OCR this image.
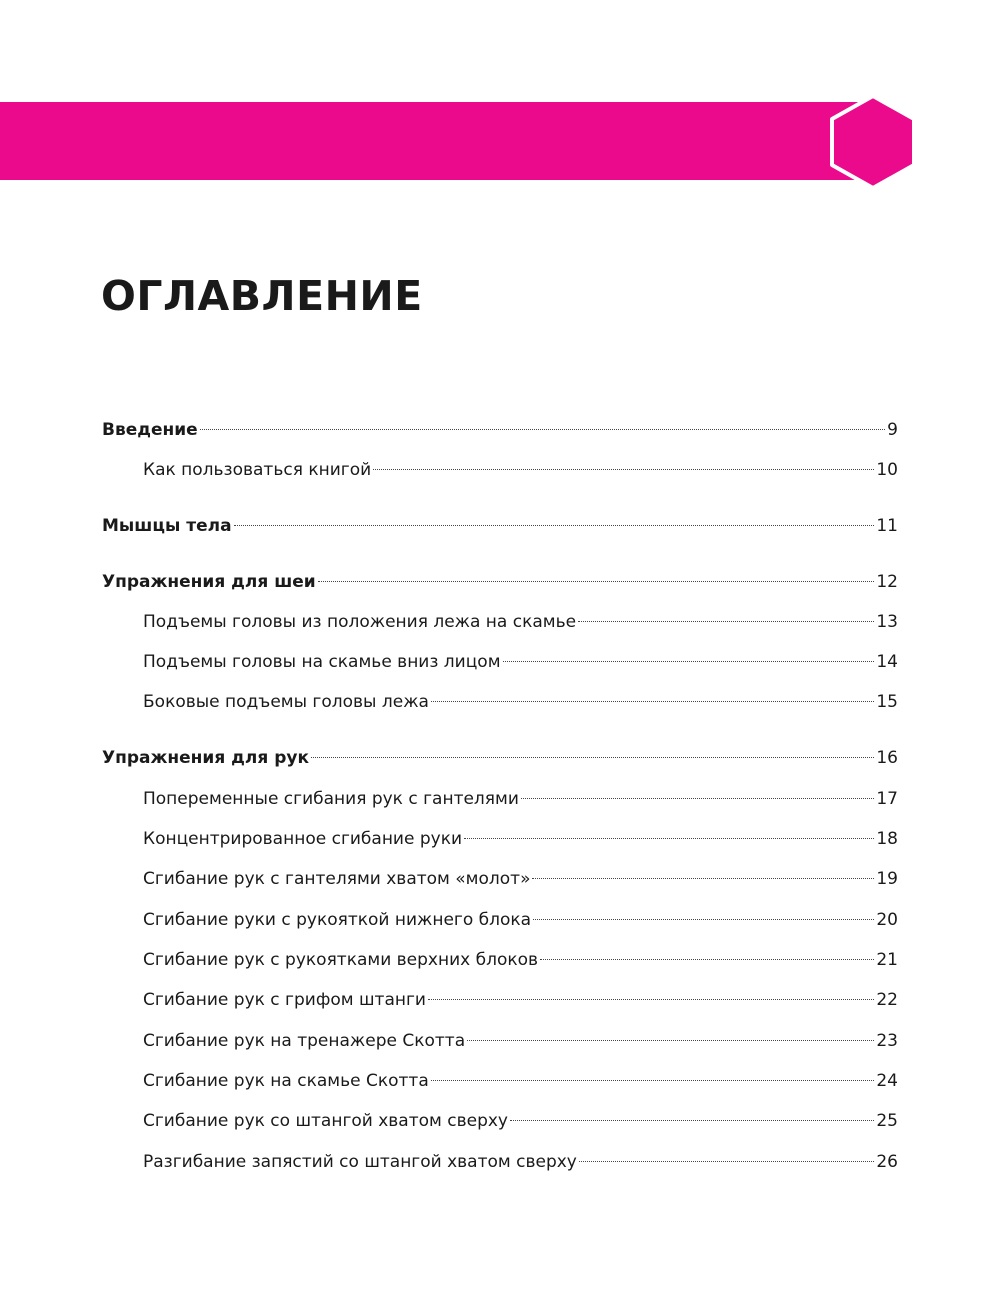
ОГЛАВЛЕНИЕ
Введение	9
Как пользоваться книгой	10
Мышцы тела	11
Упражнения для шеи	12
Подъемы головы из положения лежа на скамье	13
Подъемы головы на скамье вниз лицом	14
Боковые подъемы головы лежа	15
Упражнения для рук	16
Попеременные сгибания рук с гантелями	17
Концентрированное сгибание руки	18
Сгибание рук с гантелями хватом «молот»	19
Сгибание руки с рукояткой нижнего блока	20
Сгибание рук с рукоятками верхних блоков	21
Сгибание рук с грифом штанги	22
Сгибание рук на тренажере Скотта	23
Сгибание рук на скамье Скотта	24
Сгибание рук со штангой хватом сверху	25
Разгибание запястий со штангой хватом сверху	26
